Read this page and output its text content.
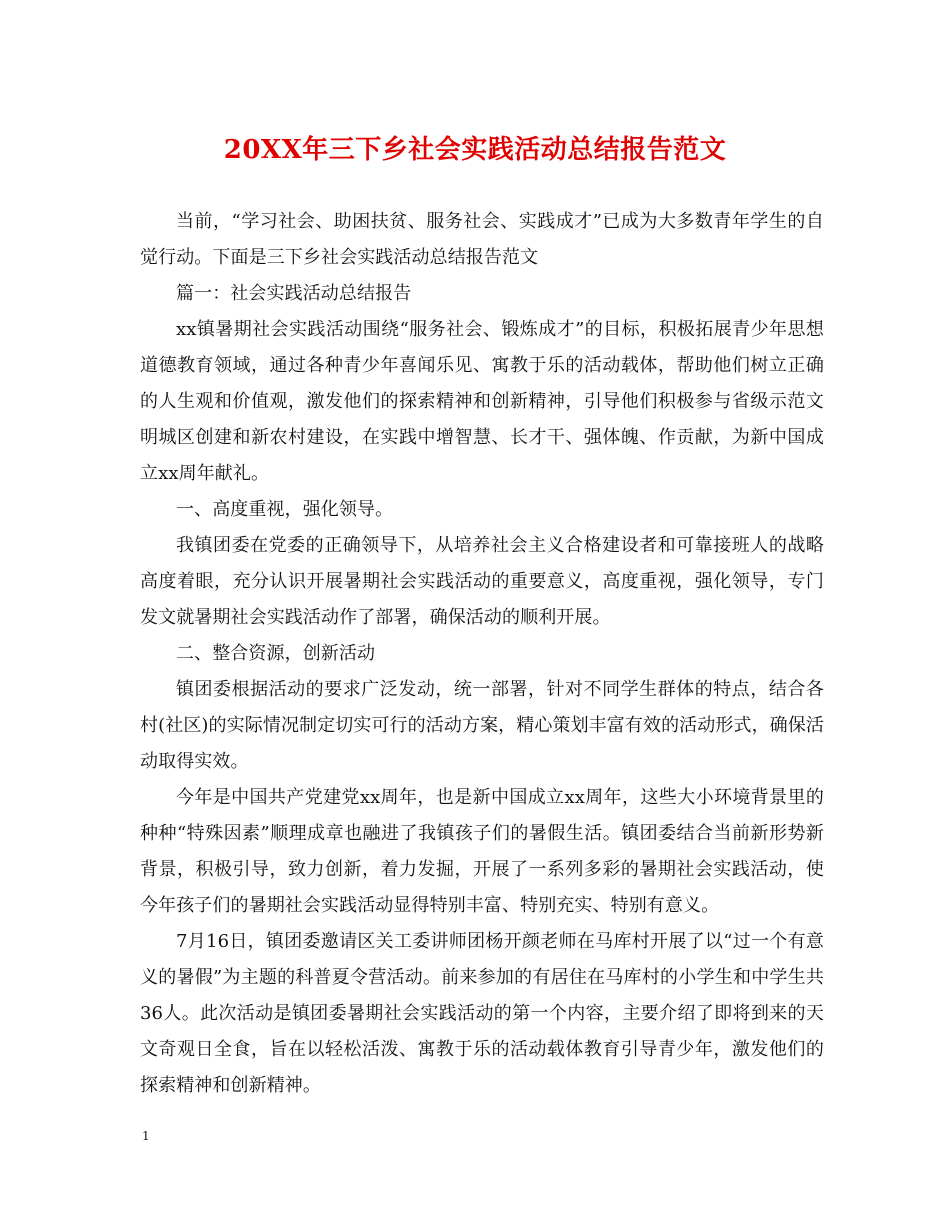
20XX年三下乡社会实践活动总结报告范文

当前，“学习社会、助困扶贫、服务社会、实践成才”已成为大多数青年学生的自觉行动。下面是三下乡社会实践活动总结报告范文

篇一：社会实践活动总结报告

xx镇暑期社会实践活动围绕“服务社会、锻炼成才”的目标，积极拓展青少年思想道德教育领域，通过各种青少年喜闻乐见、寓教于乐的活动载体，帮助他们树立正确的人生观和价值观，激发他们的探索精神和创新精神，引导他们积极参与省级示范文明城区创建和新农村建设，在实践中增智慧、长才干、强体魄、作贡献，为新中国成立xx周年献礼。

一、高度重视，强化领导。

我镇团委在党委的正确领导下，从培养社会主义合格建设者和可靠接班人的战略高度着眼，充分认识开展暑期社会实践活动的重要意义，高度重视，强化领导，专门发文就暑期社会实践活动作了部署，确保活动的顺利开展。

二、整合资源，创新活动

镇团委根据活动的要求广泛发动，统一部署，针对不同学生群体的特点，结合各村(社区)的实际情况制定切实可行的活动方案，精心策划丰富有效的活动形式，确保活动取得实效。

今年是中国共产党建党xx周年，也是新中国成立xx周年，这些大小环境背景里的种种“特殊因素”顺理成章也融进了我镇孩子们的暑假生活。镇团委结合当前新形势新背景，积极引导，致力创新，着力发掘，开展了一系列多彩的暑期社会实践活动，使今年孩子们的暑期社会实践活动显得特别丰富、特别充实、特别有意义。

7月16日，镇团委邀请区关工委讲师团杨开颜老师在马库村开展了以“过一个有意义的暑假”为主题的科普夏令营活动。前来参加的有居住在马库村的小学生和中学生共36人。此次活动是镇团委暑期社会实践活动的第一个内容，主要介绍了即将到来的天文奇观日全食，旨在以轻松活泼、寓教于乐的活动载体教育引导青少年，激发他们的探索精神和创新精神。

1
